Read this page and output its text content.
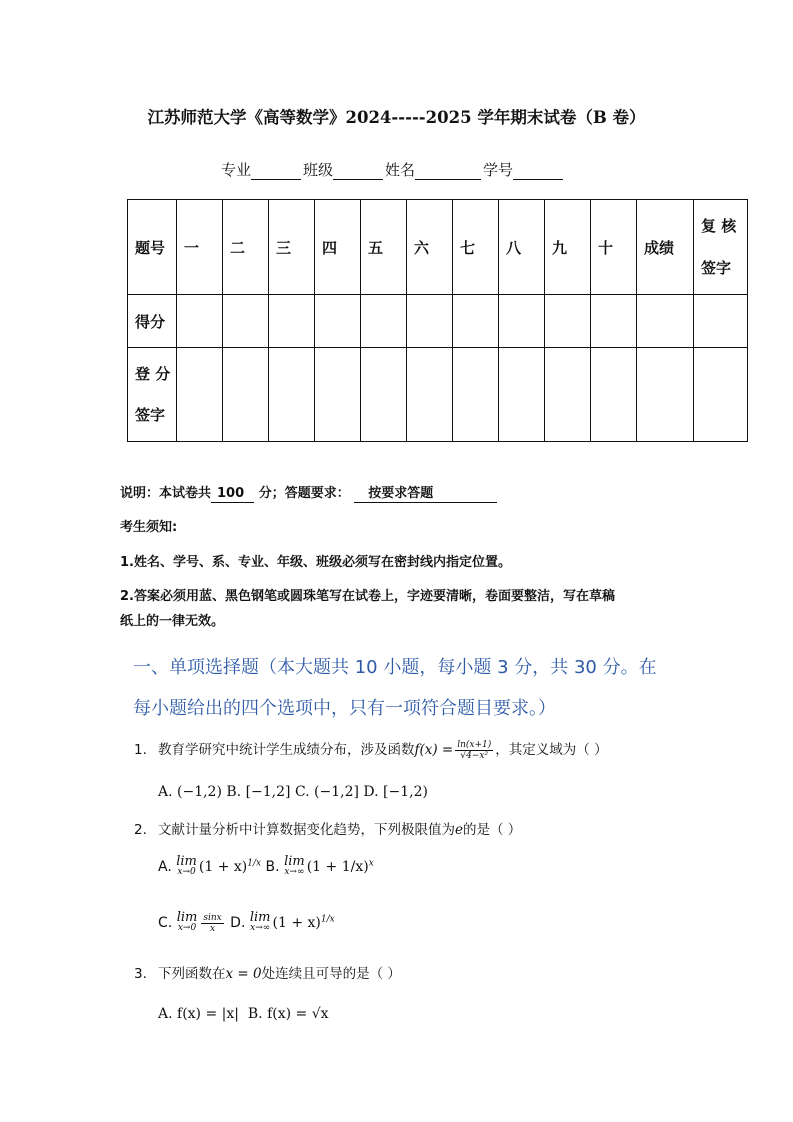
江苏师范大学《高等数学》2024-----2025 学年期末试卷（B 卷）
专业	班级	姓名	学号
题号	一	二	三	四	五	六	七	八	九	十	成绩	复 核
签字

得分												

登 分
签字												

说明：本试卷共 100 分；答题要求： 按要求答题
考生须知:
1.姓名、学号、系、专业、年级、班级必须写在密封线内指定位置。
2.答案必须用蓝、黑色钢笔或圆珠笔写在试卷上，字迹要清晰，卷面要整洁，写在草稿
纸上的一律无效。
一、单项选择题（本大题共 10 小题，每小题 3 分，共 30 分。在
每小题给出的四个选项中，只有一项符合题目要求。）
1. 教育学研究中统计学生成绩分布，涉及函数$f(x) = \frac{\ln(x+1)}{\text{√4−x²}}$ ，其定义域为（ ）
A. (−1,2) B. [−1,2] C. (−1,2] D. [−1,2)
2. 文献计量分析中计算数据变化趋势，下列极限值为e的是（ ）
A. lim
x→0 $(1 + x)^{1/x}$ B. lim
x→∞ $(1 + 1/x)^x$
C. lim
$x\to 0 \frac{\sin x}{x} D$. lim
x→∞ $(1 + x)^{1/x}$
3. 下列函数在x = 0处连续且可导的是（ ）
A. f(x) = |x| B. f(x) = √x
